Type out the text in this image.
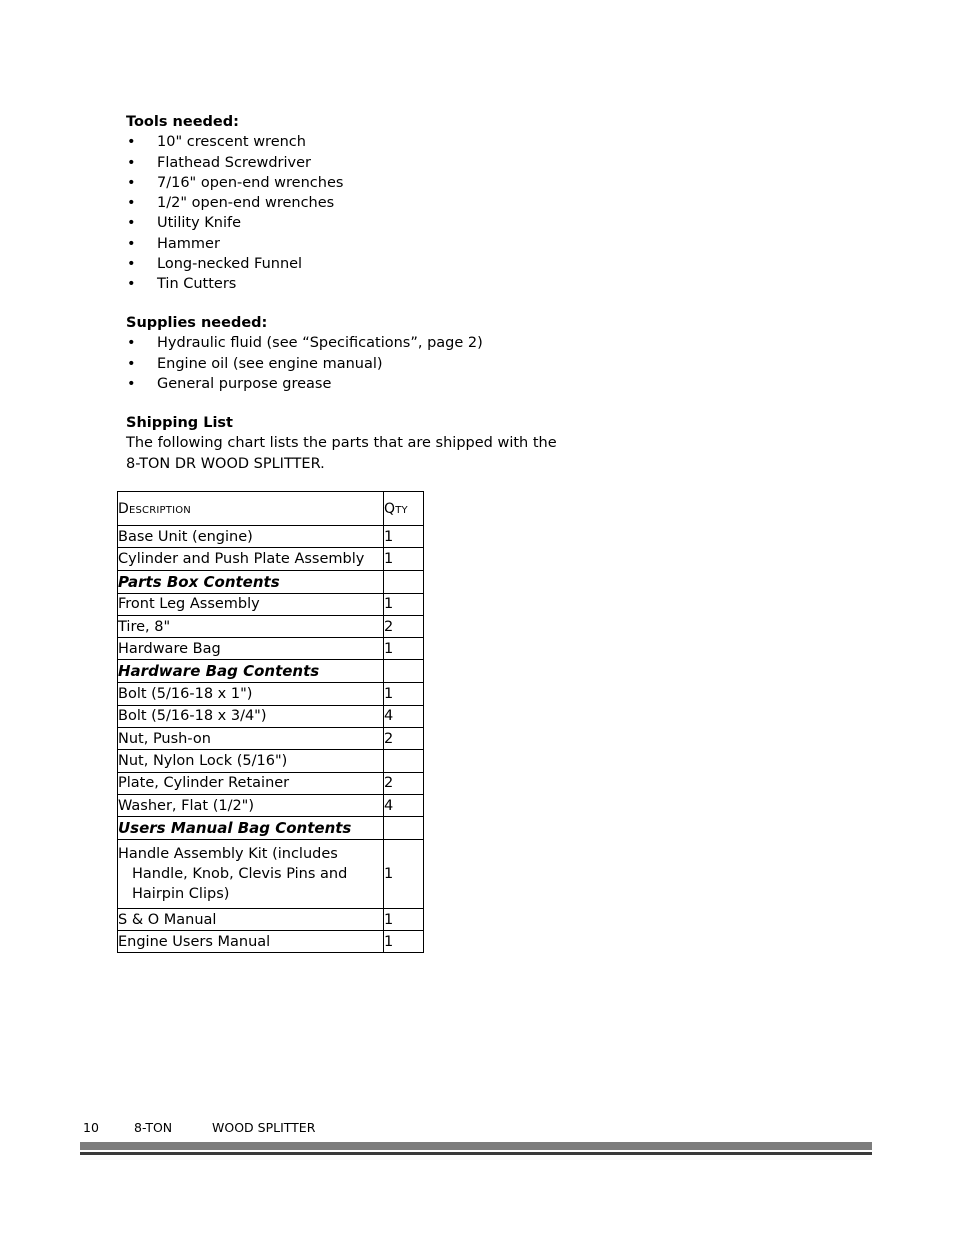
Tools needed:
• 10" crescent wrench
• Flathead Screwdriver
• 7/16" open-end wrenches
• 1/2" open-end wrenches
• Utility Knife
• Hammer
• Long-necked Funnel
• Tin Cutters
Supplies needed:
• Hydraulic fluid (see “Specifications”, page 2)
• Engine oil (see engine manual)
• General purpose grease
Shipping List
The following chart lists the parts that are shipped with the
8-TON DR WOOD SPLITTER.
Description	Qty
Base Unit (engine)	1
Cylinder and Push Plate Assembly	1
Parts Box Contents	
Front Leg Assembly	1
Tire, 8"	2
Hardware Bag	1
Hardware Bag Contents	
Bolt (5/16-18 x 1")	1
Bolt (5/16-18 x 3/4")	4
Nut, Push-on	2
Nut, Nylon Lock (5/16")	
Plate, Cylinder Retainer	2
Washer, Flat (1/2")	4
Users Manual Bag Contents	
Handle Assembly Kit (includes
Handle, Knob, Clevis Pins and
Hairpin Clips)	1
S & O Manual	1
Engine Users Manual	1
10	8-TON	WOOD SPLITTER
